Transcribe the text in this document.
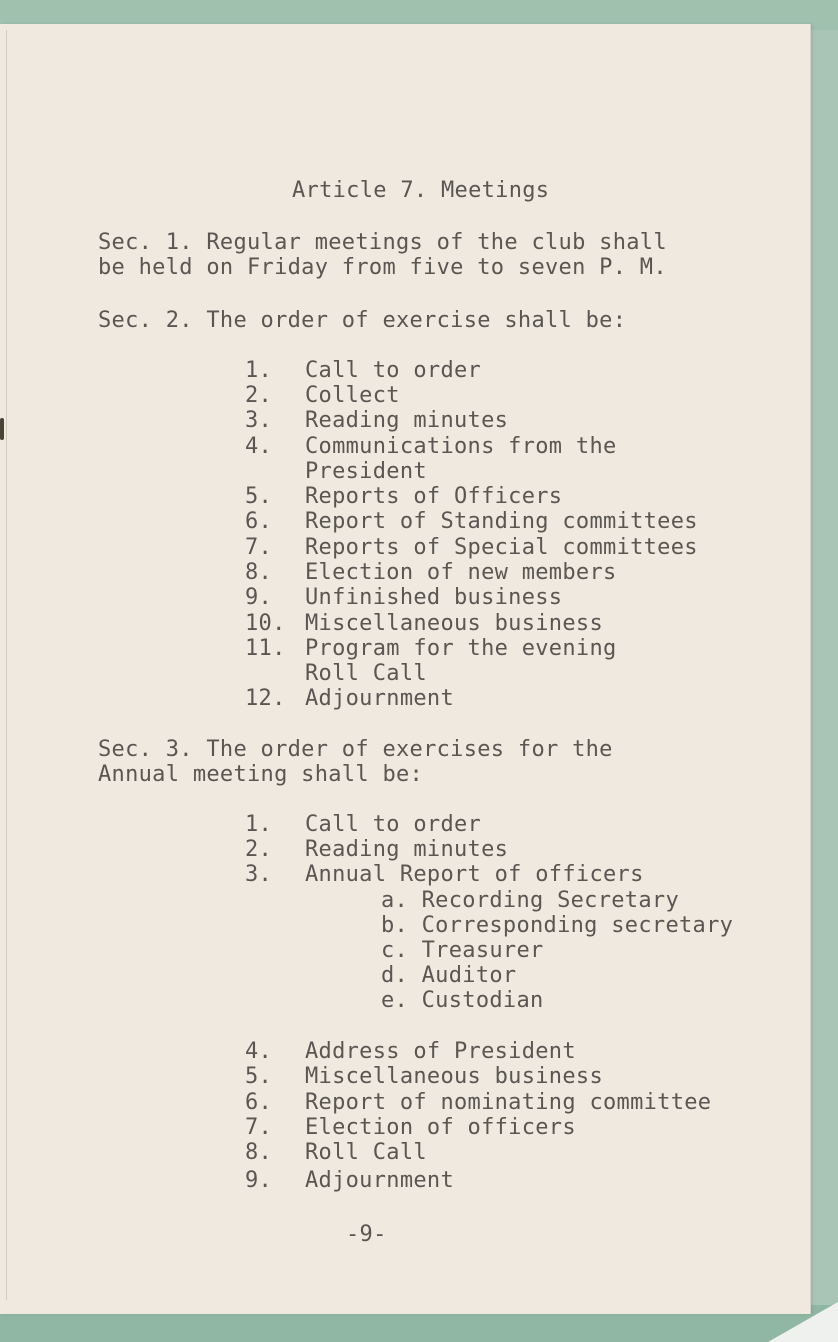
Article 7. Meetings
Sec. 1. Regular meetings of the club shall
be held on Friday from five to seven P. M.
Sec. 2. The order of exercise shall be:
1.	Call to order
2.	Collect
3.	Reading minutes
4.	Communications from the
President
5.	Reports of Officers
6.	Report of Standing committees
7.	Reports of Special committees
8.	Election of new members
9.	Unfinished business
10. Miscellaneous business
11. Program for the evening
Roll Call
12. Adjournment
Sec. 3. The order of exercises for the
Annual meeting shall be:
1.	Call to order
2.	Reading minutes
3.	Annual Report of officers
a. Recording Secretary
b. Corresponding secretary
c. Treasurer
d. Auditor
e. Custodian
4.	Address of President
5.	Miscellaneous business
6.	Report of nominating committee
7.	Election of officers
8.	Roll Call
9.	Adjournment
-9-
